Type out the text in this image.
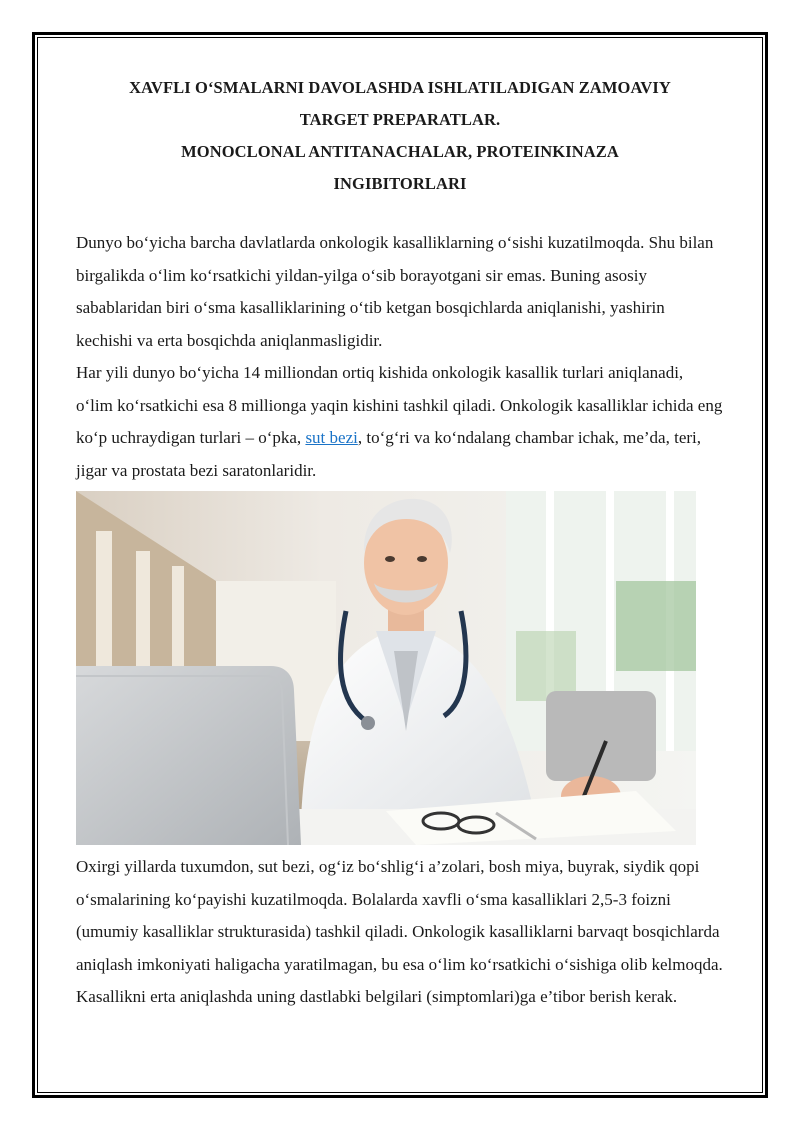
XAVFLI O‘SMALARNI DAVOLASHDA ISHLATILADIGAN ZAMOAVIY
TARGET PREPARATLAR.
MONOCLONAL ANTITANACHALAR, PROTEINKINAZA
INGIBITORLARI

Dunyo bo‘yicha barcha davlatlarda onkologik kasalliklarning o‘sishi kuzatilmoqda. Shu bilan birgalikda o‘lim ko‘rsatkichi yildan-yilga o‘sib borayotgani sir emas. Buning asosiy sabablaridan biri o‘sma kasalliklarining o‘tib ketgan bosqichlarda aniqlanishi, yashirin kechishi va erta bosqichda aniqlanmasligidir.

Har yili dunyo bo‘yicha 14 milliondan ortiq kishida onkologik kasallik turlari aniqlanadi, o‘lim ko‘rsatkichi esa 8 millionga yaqin kishini tashkil qiladi. Onkologik kasalliklar ichida eng ko‘p uchraydigan turlari – o‘pka, sut bezi, to‘g‘ri va ko‘ndalang chambar ichak, me’da, teri, jigar va prostata bezi saratonlaridir.

Oxirgi yillarda tuxumdon, sut bezi, og‘iz bo‘shlig‘i a’zolari, bosh miya, buyrak, siydik qopi o‘smalarining ko‘payishi kuzatilmoqda. Bolalarda xavfli o‘sma kasalliklari 2,5-3 foizni (umumiy kasalliklar strukturasida) tashkil qiladi. Onkologik kasalliklarni barvaqt bosqichlarda aniqlash imkoniyati haligacha yaratilmagan, bu esa o‘lim ko‘rsatkichi o‘sishiga olib kelmoqda. Kasallikni erta aniqlashda uning dastlabki belgilari (simptomlari)ga e’tibor berish kerak.
